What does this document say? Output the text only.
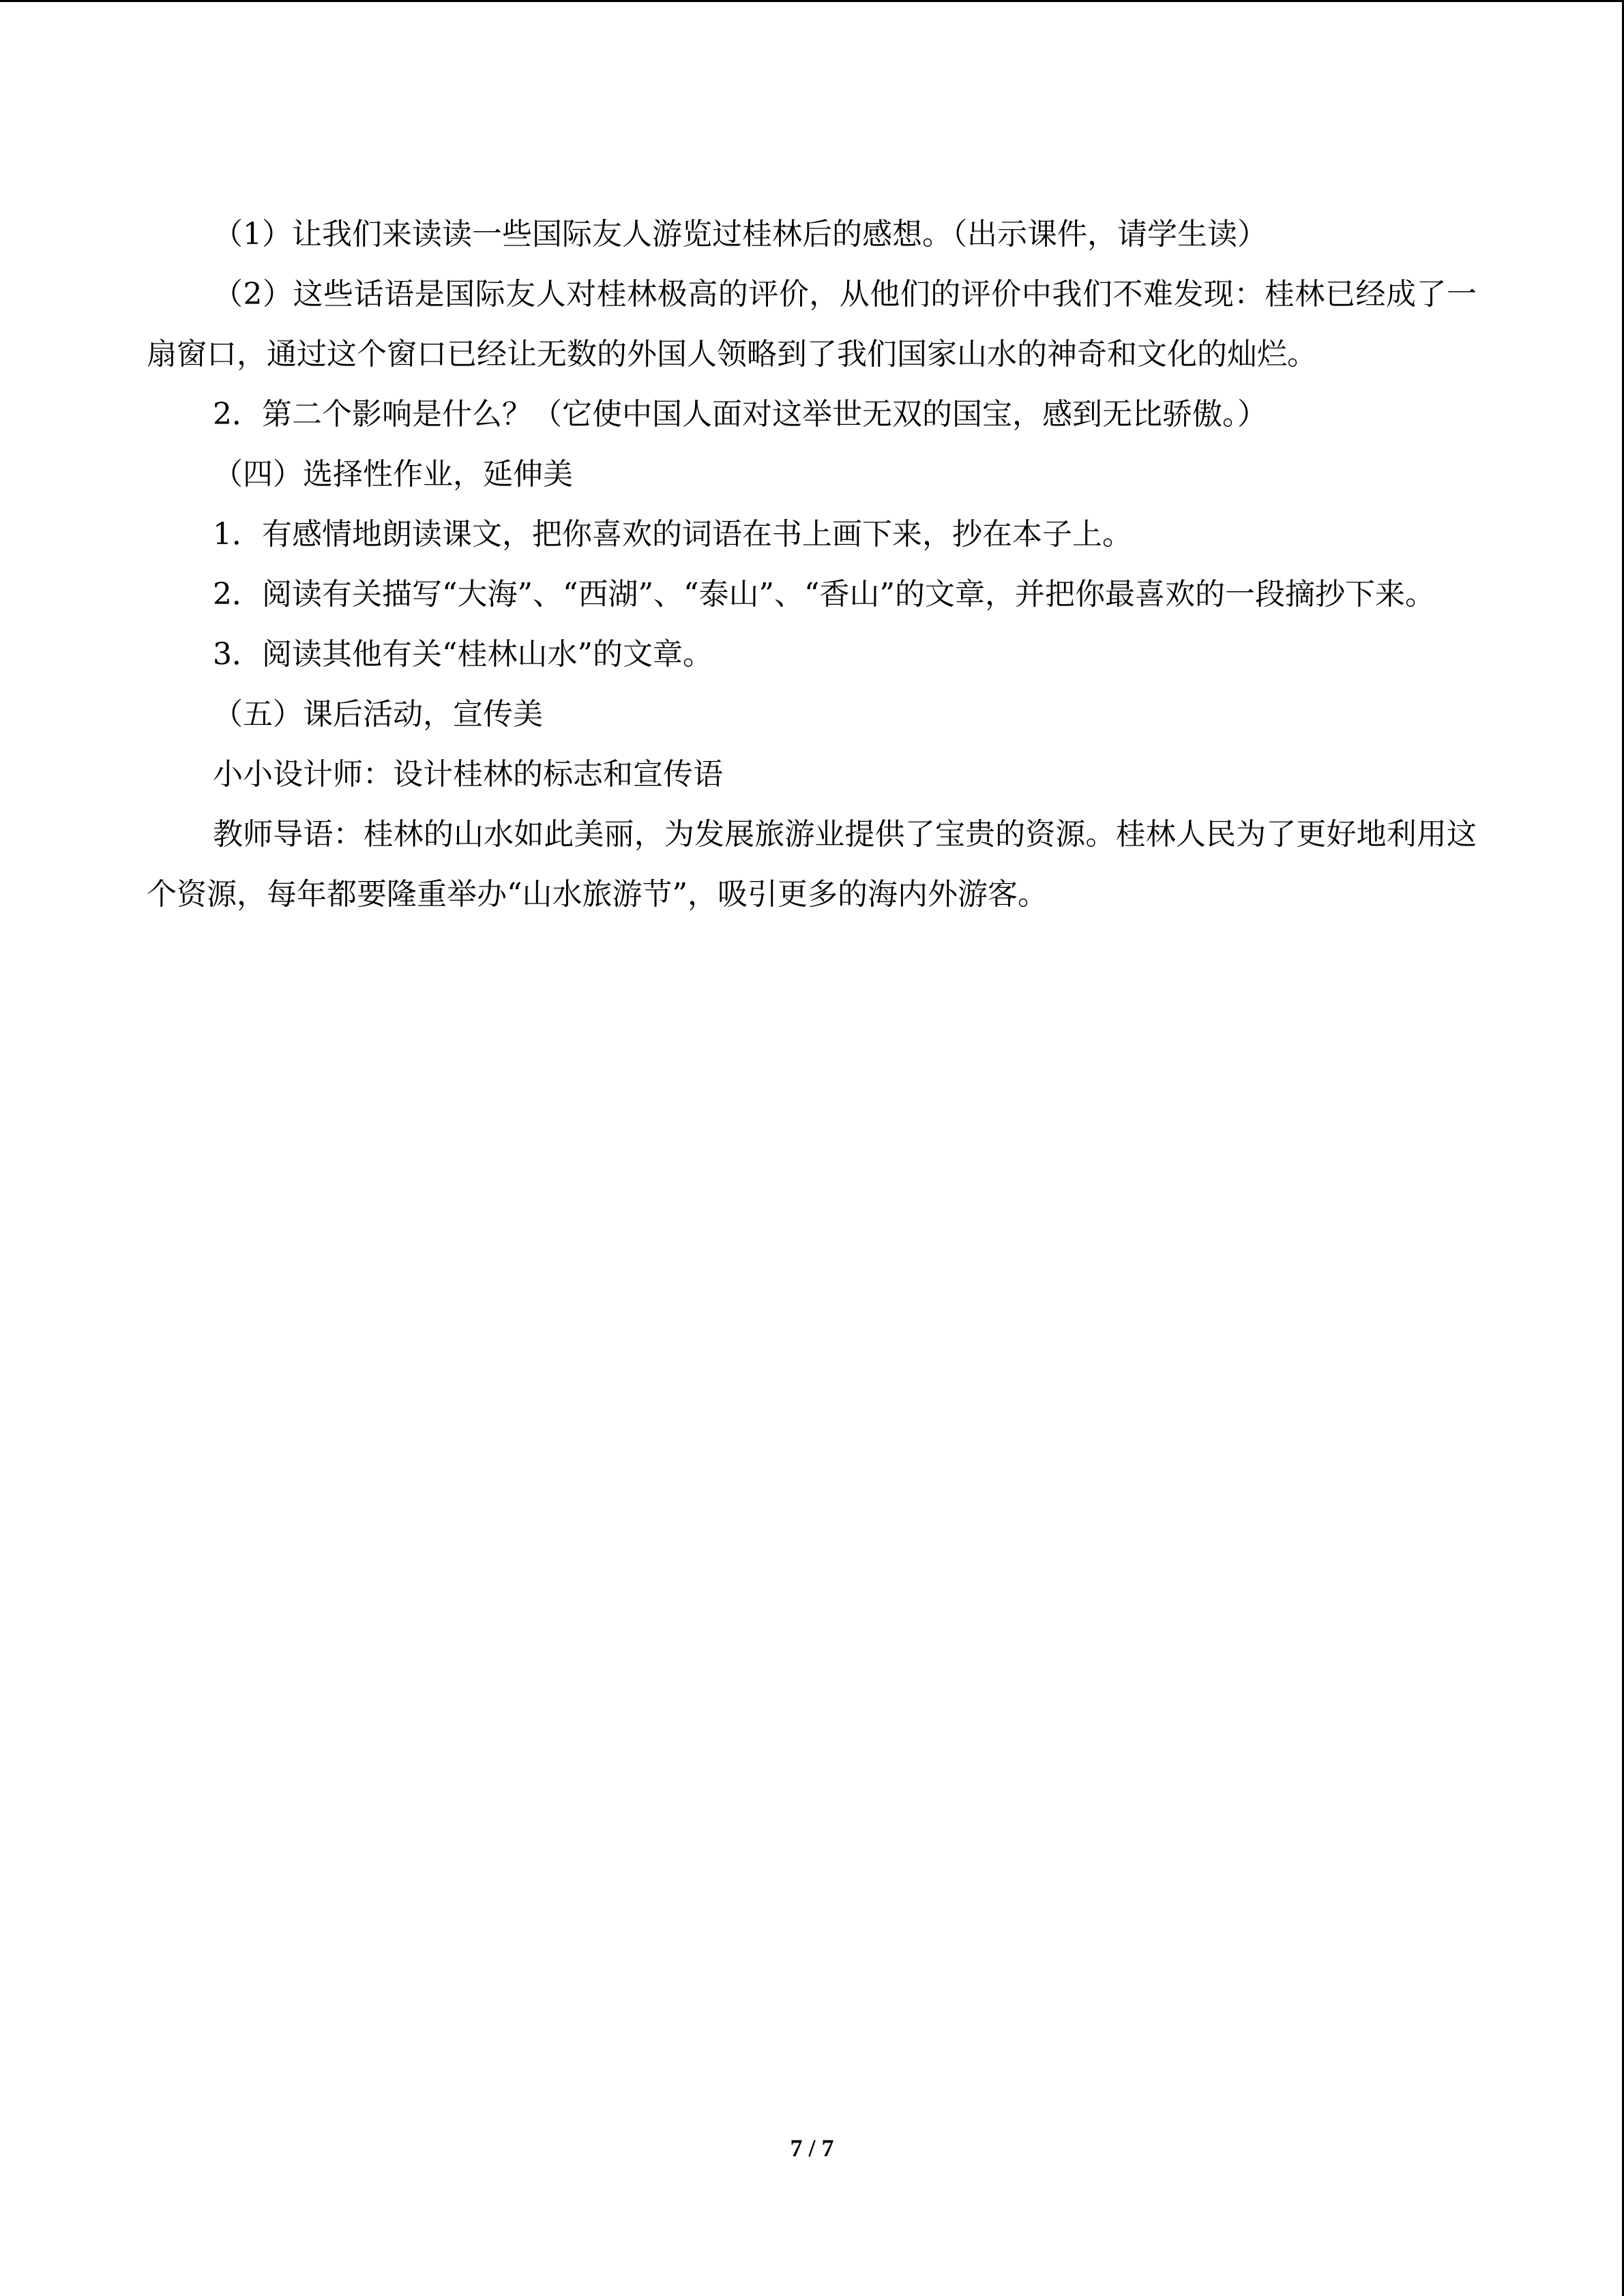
（1）让我们来读读一些国际友人游览过桂林后的感想。（出示课件，请学生读）

（2）这些话语是国际友人对桂林极高的评价，从他们的评价中我们不难发现：桂林已经成了一扇窗口，通过这个窗口已经让无数的外国人领略到了我们国家山水的神奇和文化的灿烂。

2．第二个影响是什么？（它使中国人面对这举世无双的国宝，感到无比骄傲。）

（四）选择性作业，延伸美

1．有感情地朗读课文，把你喜欢的词语在书上画下来，抄在本子上。

2．阅读有关描写“大海”、“西湖”、“泰山”、“香山”的文章，并把你最喜欢的一段摘抄下来。

3．阅读其他有关“桂林山水”的文章。

（五）课后活动，宣传美

小小设计师：设计桂林的标志和宣传语

教师导语：桂林的山水如此美丽，为发展旅游业提供了宝贵的资源。桂林人民为了更好地利用这个资源，每年都要隆重举办“山水旅游节”，吸引更多的海内外游客。

7 / 7
